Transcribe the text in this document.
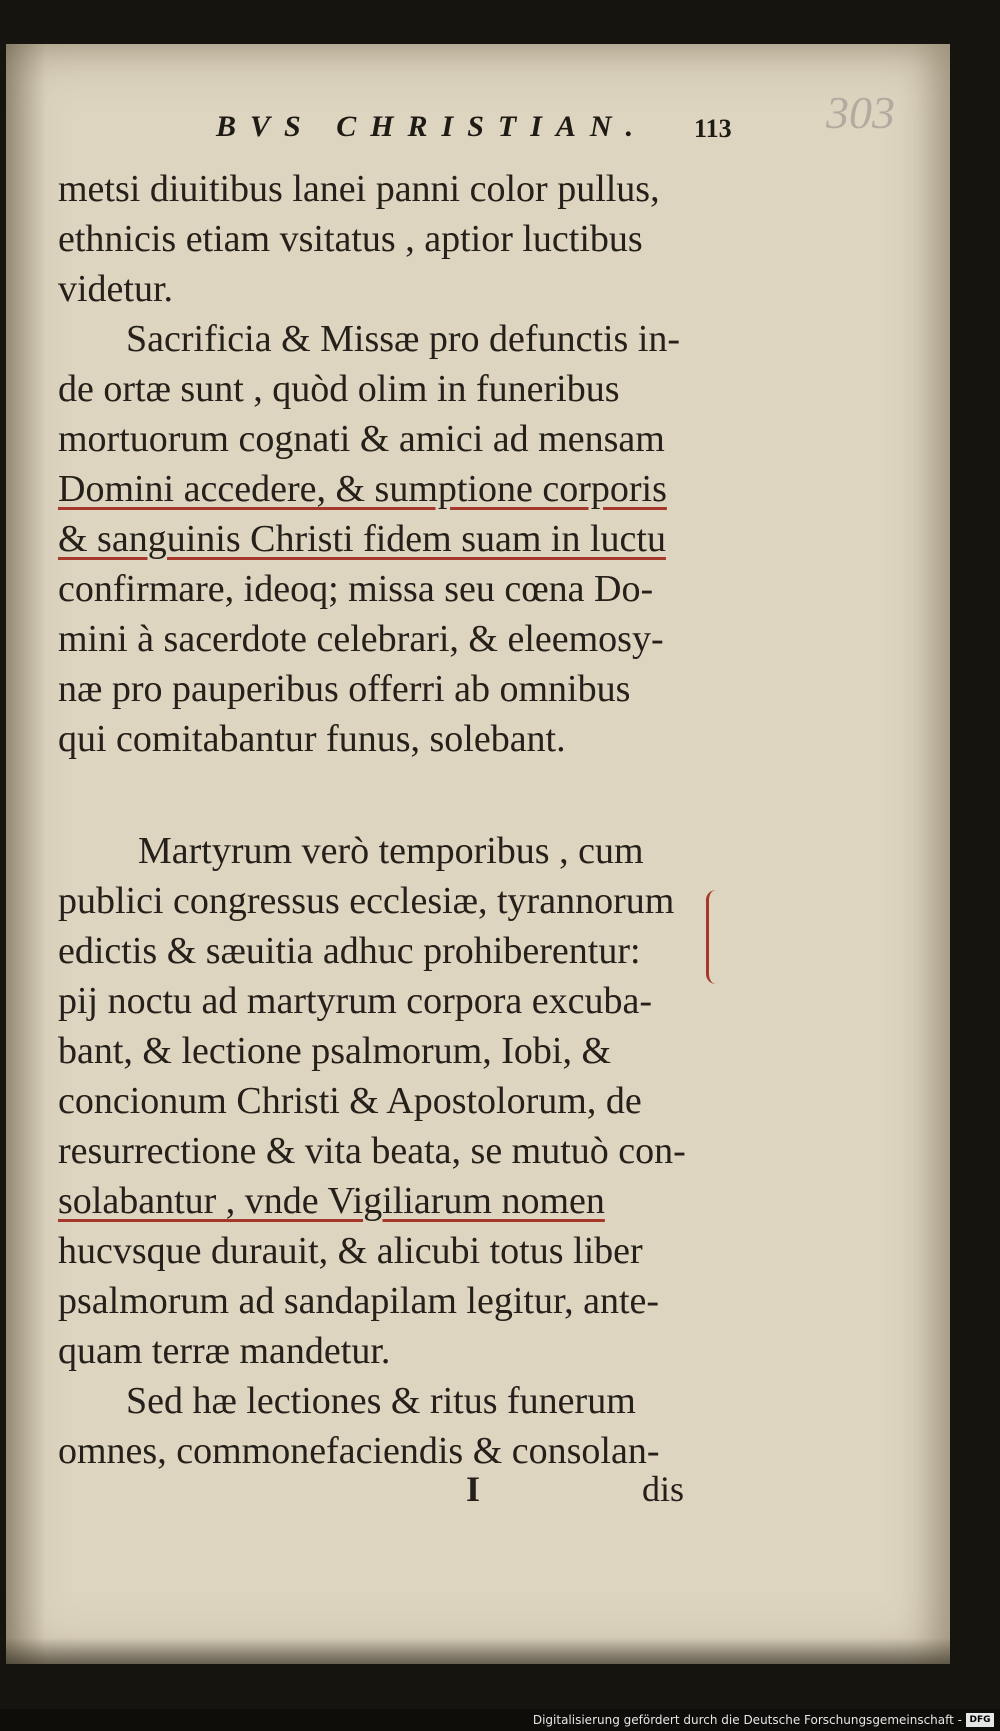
BVS CHRISTIAN. 113 303
metsi diuitibus lanei panni color pullus,
ethnicis etiam vsitatus , aptior luctibus
videtur.
Sacrificia & Missæ pro defunctis in-
de ortæ sunt , quòd olim in funeribus
mortuorum cognati & amici ad mensam
Domini accedere, & sumptione corporis
& sanguinis Christi fidem suam in luctu
confirmare, ideoq; missa seu cœna Do-
mini à sacerdote celebrari, & eleemosy-
næ pro pauperibus offerri ab omnibus
qui comitabantur funus, solebant.
Martyrum verò temporibus , cum
publici congressus ecclesiæ, tyrannorum
edictis & sæuitia adhuc prohiberentur:
pij noctu ad martyrum corpora excuba-
bant, & lectione psalmorum, Iobi, &
concionum Christi & Apostolorum, de
resurrectione & vita beata, se mutuò con-
solabantur , vnde Vigiliarum nomen
hucvsque durauit, & alicubi totus liber
psalmorum ad sandapilam legitur, ante-
quam terræ mandetur.
Sed hæ lectiones & ritus funerum
omnes, commonefaciendis & consolan-
I	dis
Digitalisierung gefördert durch die Deutsche Forschungsgemeinschaft - DFG
